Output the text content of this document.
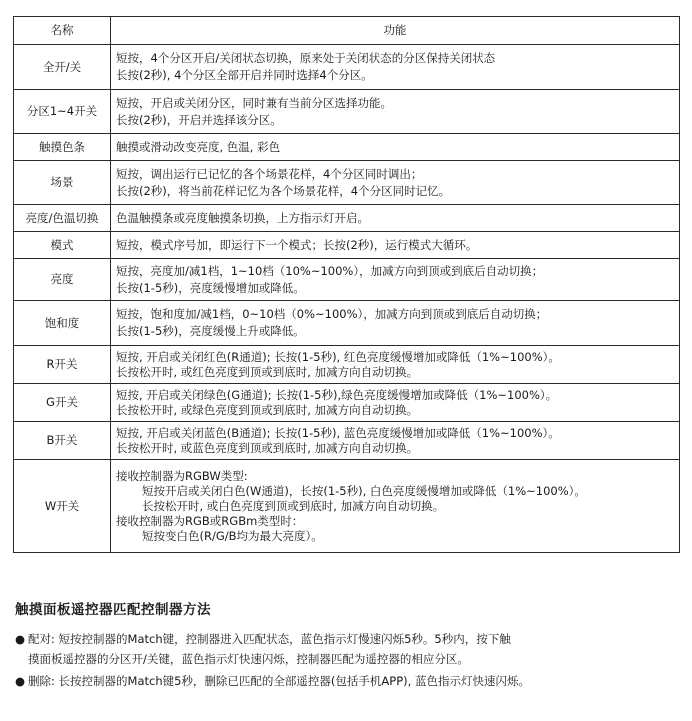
名称	功能
全开/关	短按，4个分区开启/关闭状态切换，原来处于关闭状态的分区保持关闭状态
长按(2秒), 4个分区全部开启并同时选择4个分区。

分区1~4开关	短按，开启或关闭分区，同时兼有当前分区选择功能。
长按(2秒)，开启并选择该分区。

触摸色条	触摸或滑动改变亮度, 色温, 彩色

场景	短按，调出运行已记忆的各个场景花样，4个分区同时调出；
长按(2秒)，将当前花样记忆为各个场景花样，4个分区同时记忆。

亮度/色温切换	色温触摸条或亮度触摸条切换，上方指示灯开启。

模式	短按，模式序号加，即运行下一个模式；长按(2秒)，运行模式大循环。

亮度	短按，亮度加/减1档，1~10档（10%~100%），加减方向到顶或到底后自动切换；
长按(1-5秒)，亮度缓慢增加或降低。

饱和度	短按，饱和度加/减1档，0~10档（0%~100%），加减方向到顶或到底后自动切换；
长按(1-5秒)，亮度缓慢上升或降低。

R开关	短按, 开启或关闭红色(R通道); 长按(1-5秒), 红色亮度缓慢增加或降低（1%~100%）。
长按松开时, 或红色亮度到顶或到底时, 加减方向自动切换。

G开关	短按, 开启或关闭绿色(G通道); 长按(1-5秒),绿色亮度缓慢增加或降低（1%~100%）。
长按松开时, 或绿色亮度到顶或到底时, 加减方向自动切换。

B开关	短按, 开启或关闭蓝色(B通道); 长按(1-5秒), 蓝色亮度缓慢增加或降低（1%~100%）。
长按松开时, 或蓝色亮度到顶或到底时, 加减方向自动切换。

W开关	接收控制器为RGBW类型:
短按开启或关闭白色(W通道)，长按(1-5秒), 白色亮度缓慢增加或降低（1%~100%）。
长按松开时, 或白色亮度到顶或到底时, 加减方向自动切换。
接收控制器为RGB或RGBm类型时：
短按变白色(R/G/B均为最大亮度）。
触摸面板遥控器匹配控制器方法
● 配对: 短按控制器的Match键，控制器进入匹配状态，蓝色指示灯慢速闪烁5秒。5秒内，按下触

摸面板遥控器的分区开/关键，蓝色指示灯快速闪烁，控制器匹配为遥控器的相应分区。

● 删除: 长按控制器的Match键5秒，删除已匹配的全部遥控器(包括手机APP), 蓝色指示灯快速闪烁。
